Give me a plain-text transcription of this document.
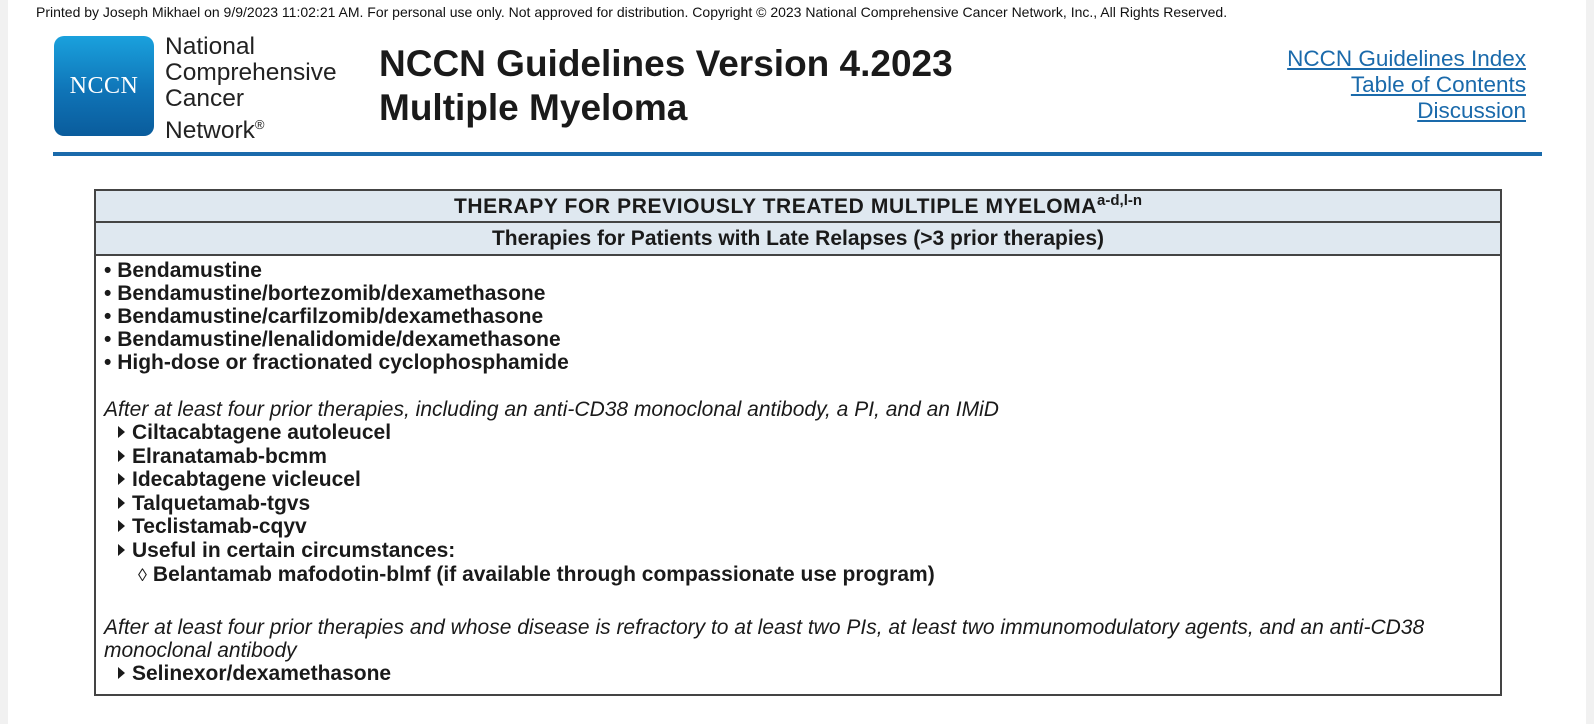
Printed by Joseph Mikhael on 9/9/2023 11:02:21 AM. For personal use only. Not approved for distribution. Copyright © 2023 National Comprehensive Cancer Network, Inc., All Rights Reserved.
NCCN
National
Comprehensive
Cancer
Network®
NCCN Guidelines Version 4.2023
Multiple Myeloma
NCCN Guidelines Index
Table of Contents
Discussion
THERAPY FOR PREVIOUSLY TREATED MULTIPLE MYELOMA$^{a-d,l-n}$
Therapies for Patients with Late Relapses (>3 prior therapies)
• Bendamustine
• Bendamustine/bortezomib/dexamethasone
• Bendamustine/carfilzomib/dexamethasone
• Bendamustine/lenalidomide/dexamethasone
• High-dose or fractionated cyclophosphamide
After at least four prior therapies, including an anti-CD38 monoclonal antibody, a PI, and an IMiD
Ciltacabtagene autoleucel
Elranatamab-bcmm
Idecabtagene vicleucel
Talquetamab-tgvs
Teclistamab-cqyv
Useful in certain circumstances:
◊ Belantamab mafodotin-blmf (if available through compassionate use program)
After at least four prior therapies and whose disease is refractory to at least two PIs, at least two immunomodulatory agents, and an anti-CD38 monoclonal antibody
Selinexor/dexamethasone
